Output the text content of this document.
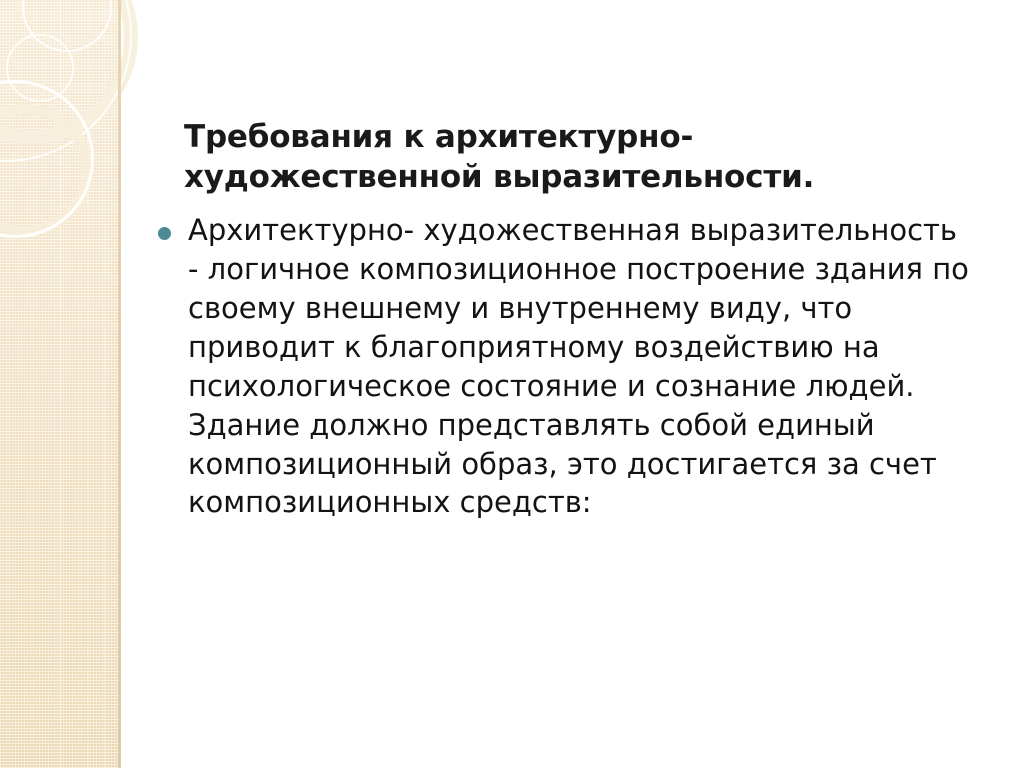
Требования к архитектурно-художественной выразительности.
Архитектурно- художественная выразительность - логичное композиционное построение здания по своему внешнему и внутреннему виду, что приводит к благоприятному воздействию на психологическое состояние и сознание людей. Здание должно представлять собой единый композиционный образ, это достигается за счет композиционных средств:
